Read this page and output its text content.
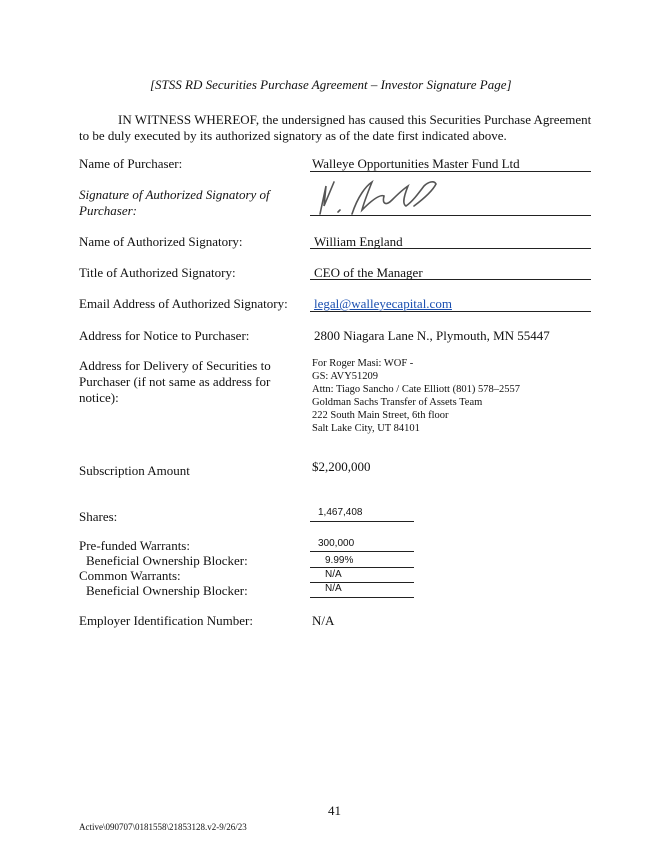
[STSS RD Securities Purchase Agreement – Investor Signature Page]
IN WITNESS WHEREOF, the undersigned has caused this Securities Purchase Agreement
to be duly executed by its authorized signatory as of the date first indicated above.
Name of Purchaser:	Walleye Opportunities Master Fund Ltd
Signature of Authorized Signatory of
Purchaser:
Name of Authorized Signatory:	William England
Title of Authorized Signatory:	CEO of the Manager
Email Address of Authorized Signatory: legal@walleyecapital.com
Address for Notice to Purchaser:	2800 Niagara Lane N., Plymouth, MN 55447
Address for Delivery of Securities to
Purchaser (if not same as address for
notice):
For Roger Masi: WOF -
GS: AVY51209
Attn: Tiago Sancho / Cate Elliott (801) 578–2557
Goldman Sachs Transfer of Assets Team
222 South Main Street, 6th floor
Salt Lake City, UT 84101
Subscription Amount	$2,200,000
Shares:	1,467,408
Pre-funded Warrants:	300,000
Beneficial Ownership Blocker:	9.99%
Common Warrants:	N/A
Beneficial Ownership Blocker:	N/A
Employer Identification Number:	N/A
41
Active\090707\0181558\21853128.v2-9/26/23
